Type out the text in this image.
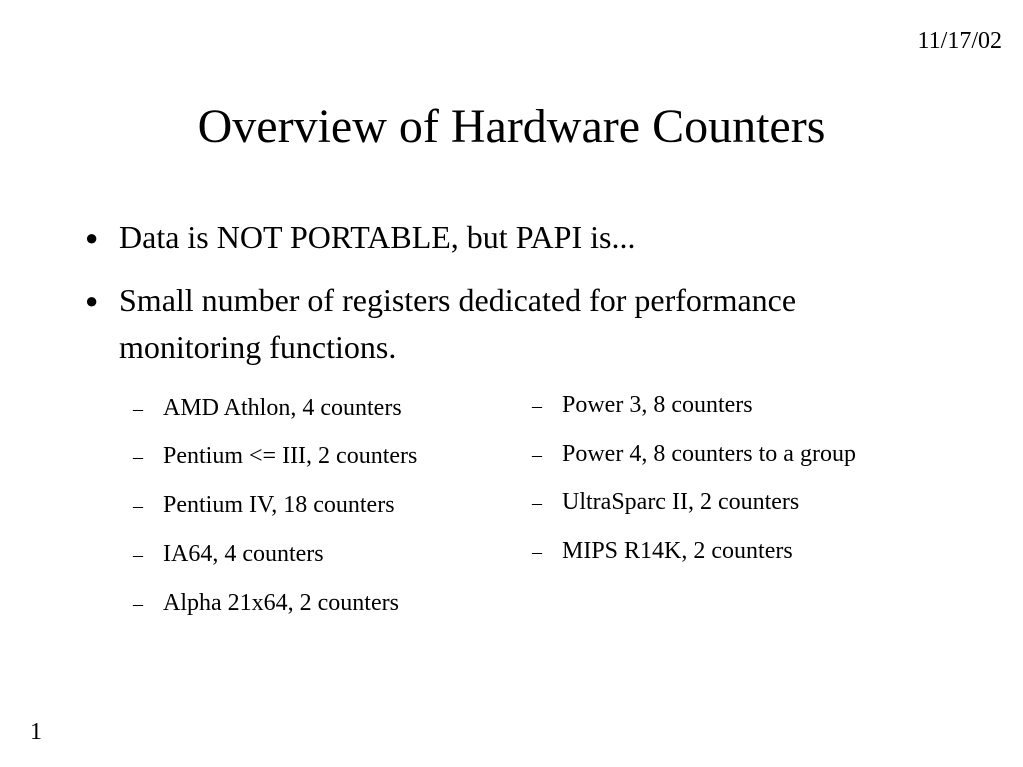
11/17/02
Overview of Hardware Counters
● Data is NOT PORTABLE, but PAPI is...
● Small number of registers dedicated for performance monitoring functions.
– AMD Athlon, 4 counters
– Pentium <= III, 2 counters
– Pentium IV, 18 counters
– IA64, 4 counters
– Alpha 21x64, 2 counters
– Power 3, 8 counters
– Power 4, 8 counters to a group
– UltraSparc II, 2 counters
– MIPS R14K, 2 counters
1
